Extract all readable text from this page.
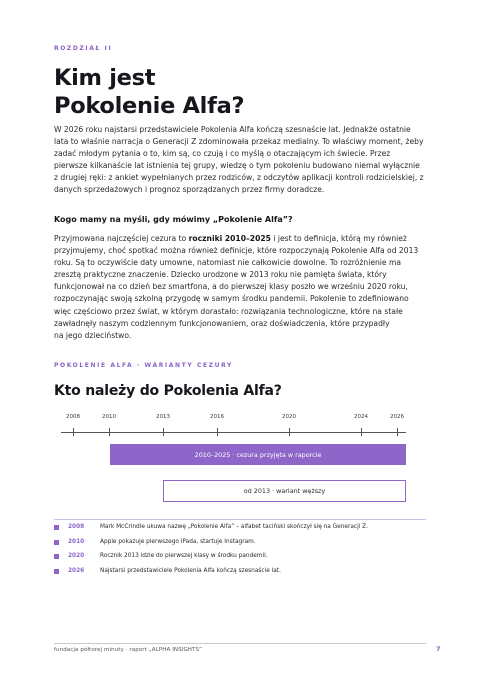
ROZDZIAŁ II
Kim jest
Pokolenie Alfa?
W 2026 roku najstarsi przedstawiciele Pokolenia Alfa kończą szesnaście lat. Jednakże ostatnie lata to właśnie narracja o Generacji Z zdominowała przekaz medialny. To właściwy moment, żeby zadać młodym pytania o to, kim są, co czują i co myślą o otaczającym ich świecie. Przez pierwsze kilkanaście lat istnienia tej grupy, wiedzę o tym pokoleniu budowano niemal wyłącznie z drugiej ręki: z ankiet wypełnianych przez rodziców, z odczytów aplikacji kontroli rodzicielskiej, z danych sprzedażowych i prognoz sporządzanych przez firmy doradcze.
Kogo mamy na myśli, gdy mówimy „Pokolenie Alfa”?
Przyjmowana najczęściej cezura to roczniki 2010–2025 i jest to definicja, którą my również przyjmujemy, choć spotkać można również definicje, które rozpoczynają Pokolenie Alfa od 2013 roku. Są to oczywiście daty umowne, natomiast nie całkowicie dowolne. To rozróżnienie ma zresztą praktyczne znaczenie. Dziecko urodzone w 2013 roku nie pamięta świata, który funkcjonował na co dzień bez smartfona, a do pierwszej klasy poszło we wrześniu 2020 roku, rozpoczynając swoją szkolną przygodę w samym środku pandemii. Pokolenie to zdefiniowano więc częściowo przez świat, w którym dorastało: rozwiązania technologiczne, które na stałe zawładnęły naszym codziennym funkcjonowaniem, oraz doświadczenia, które przypadły
na jego dzieciństwo.
POKOLENIE ALFA · WARIANTY CEZURY
Kto należy do Pokolenia Alfa?
2008	2010	2013	2016	2020	2024	2026
2010–2025 · cezura przyjęta w raporcie
od 2013 · wariant węższy
2008	Mark McCrindle ukuwa nazwę „Pokolenie Alfa” – alfabet taciński skończył się na Generacji Z.
2010	Apple pokazuje pierwszego iPada, startuje Instagram.
2020	Rocznik 2013 idzie do pierwszej klasy w środku pandemii.
2026	Najstarsi przedstawiciele Pokolenia Alfa kończą szesnaście lat.
fundacja półtorej minuty · raport „ALPHA INSIGHTS”	7
